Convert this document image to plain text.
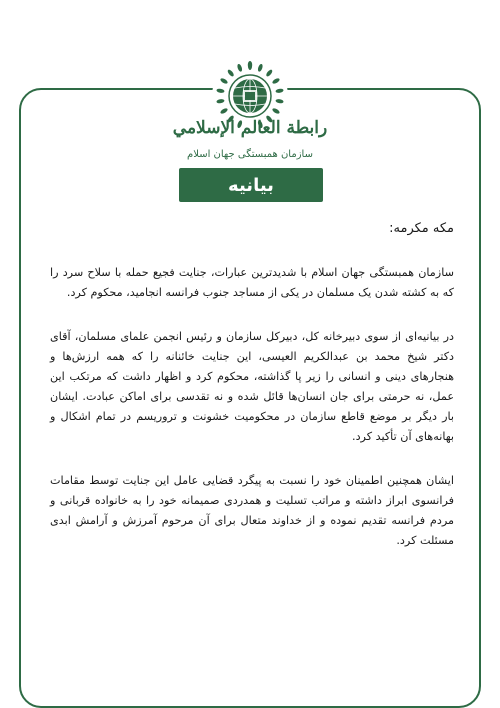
رابطة العالم الإسلامي
سازمان همبستگی جهان اسلام
بیانیه

مکه مکرمه:

سازمان همبستگی جهان اسلام با شدیدترین عبارات، جنایت فجیع حمله با سلاح سرد را که به کشته شدن یک مسلمان در یکی از مساجد جنوب فرانسه انجامید، محکوم کرد.

در بیانیه‌ای از سوی دبیرخانه کل، دبیرکل سازمان و رئیس انجمن علمای مسلمان، آقای دکتر شیخ محمد بن عبدالکریم العیسی، این جنایت خائنانه را که همه ارزش‌ها و هنجارهای دینی و انسانی را زیر پا گذاشته، محکوم کرد و اظهار داشت که مرتکب این عمل، نه حرمتی برای جان انسان‌ها قائل شده و نه تقدسی برای اماکن عبادت. ایشان بار دیگر بر موضع قاطع سازمان در محکومیت خشونت و تروریسم در تمام اشکال و بهانه‌های آن تأکید کرد.

ایشان همچنین اطمینان خود را نسبت به پیگرد قضایی عامل این جنایت توسط مقامات فرانسوی ابراز داشته و مراتب تسلیت و همدردی صمیمانه خود را به خانواده قربانی و مردم فرانسه تقدیم نموده و از خداوند متعال برای آن مرحوم آمرزش و آرامش ابدی مسئلت کرد.
